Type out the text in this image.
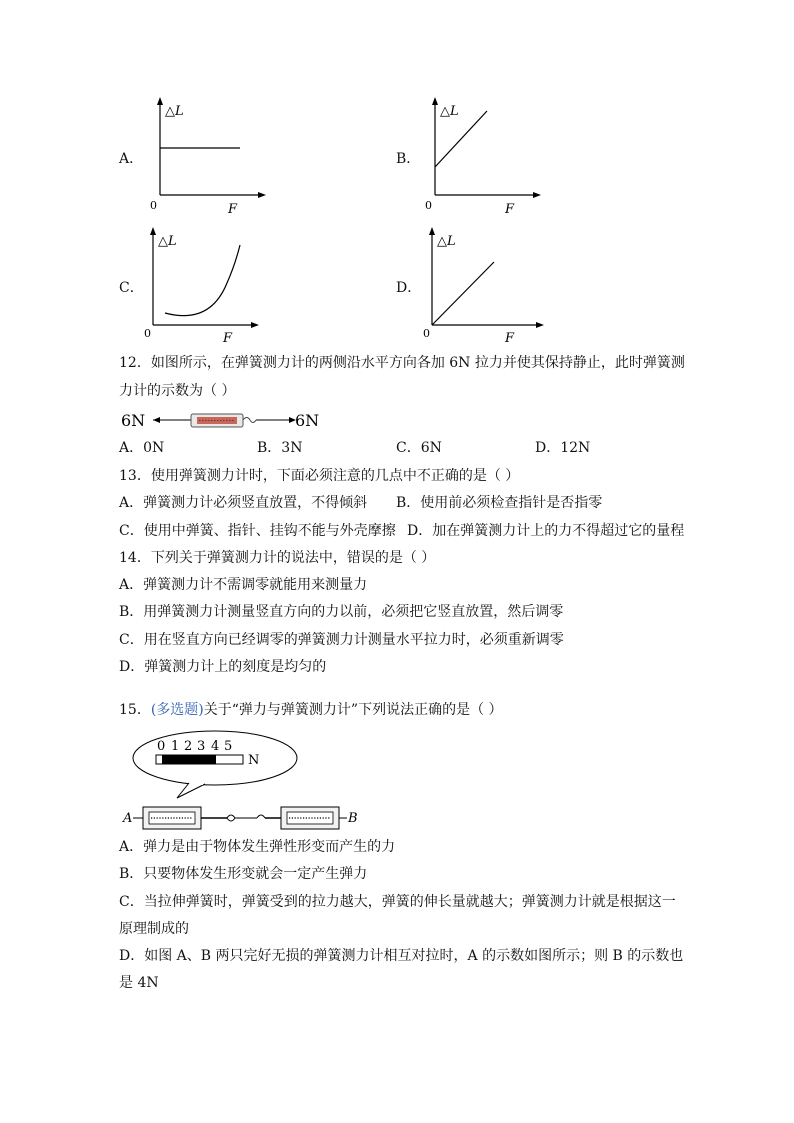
A．
△L
F
0
B．
△L
F
0
C．
△L
F
0
D．
△L
F
0
12．如图所示，在弹簧测力计的两侧沿水平方向各加 6N 拉力并使其保持静止，此时弹簧测
力计的示数为（ ）
6N	6N
A．0N	B．3N	C．6N	D．12N
13．使用弹簧测力计时，下面必须注意的几点中不正确的是（ ）
A．弹簧测力计必须竖直放置，不得倾斜 B．使用前必须检查指针是否指零
C．使用中弹簧、指针、挂钩不能与外壳摩擦 D．加在弹簧测力计上的力不得超过它的量程
14．下列关于弹簧测力计的说法中，错误的是（ ）
A．弹簧测力计不需调零就能用来测量力
B．用弹簧测力计测量竖直方向的力以前，必须把它竖直放置，然后调零
C．用在竖直方向已经调零的弹簧测力计测量水平拉力时，必须重新调零
D．弹簧测力计上的刻度是均匀的
15．(多选题)关于“弹力与弹簧测力计”下列说法正确的是（ ）
0 1 2 3 4 5
N
A	B
A．弹力是由于物体发生弹性形变而产生的力
B．只要物体发生形变就会一定产生弹力
C．当拉伸弹簧时，弹簧受到的拉力越大，弹簧的伸长量就越大；弹簧测力计就是根据这一
原理制成的
D．如图 A、B 两只完好无损的弹簧测力计相互对拉时，A 的示数如图所示；则 B 的示数也
是 4N
